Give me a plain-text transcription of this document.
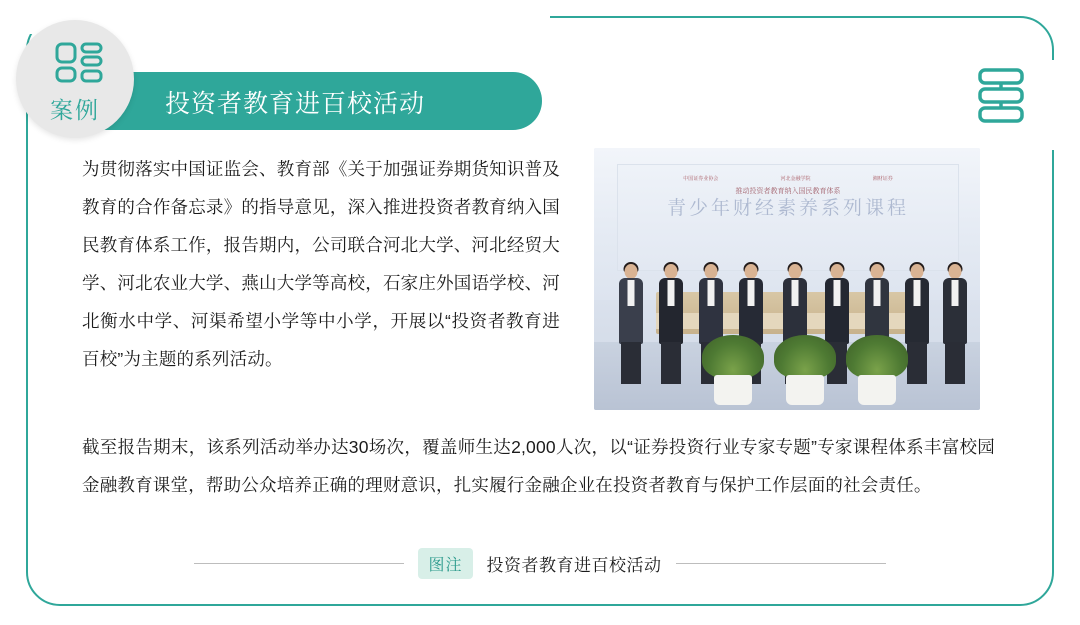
投资者教育进百校活动
案例

为贯彻落实中国证监会、教育部《关于加强证券期货知识普及教育的合作备忘录》的指导意见，深入推进投资者教育纳入国民教育体系工作，报告期内，公司联合河北大学、河北经贸大学、河北农业大学、燕山大学等高校，石家庄外国语学校、河北衡水中学、河渠希望小学等中小学，开展以“投资者教育进百校”为主题的系列活动。

截至报告期末，该系列活动举办达30场次，覆盖师生达2,000人次，以“证券投资行业专家专题”专家课程体系丰富校园金融教育课堂，帮助公众培养正确的理财意识，扎实履行金融企业在投资者教育与保护工作层面的社会责任。

中国证券业协会	河北金融学院	湘财证券
推动投资者教育纳入国民教育体系
青少年财经素养系列课程
图注	投资者教育进百校活动
